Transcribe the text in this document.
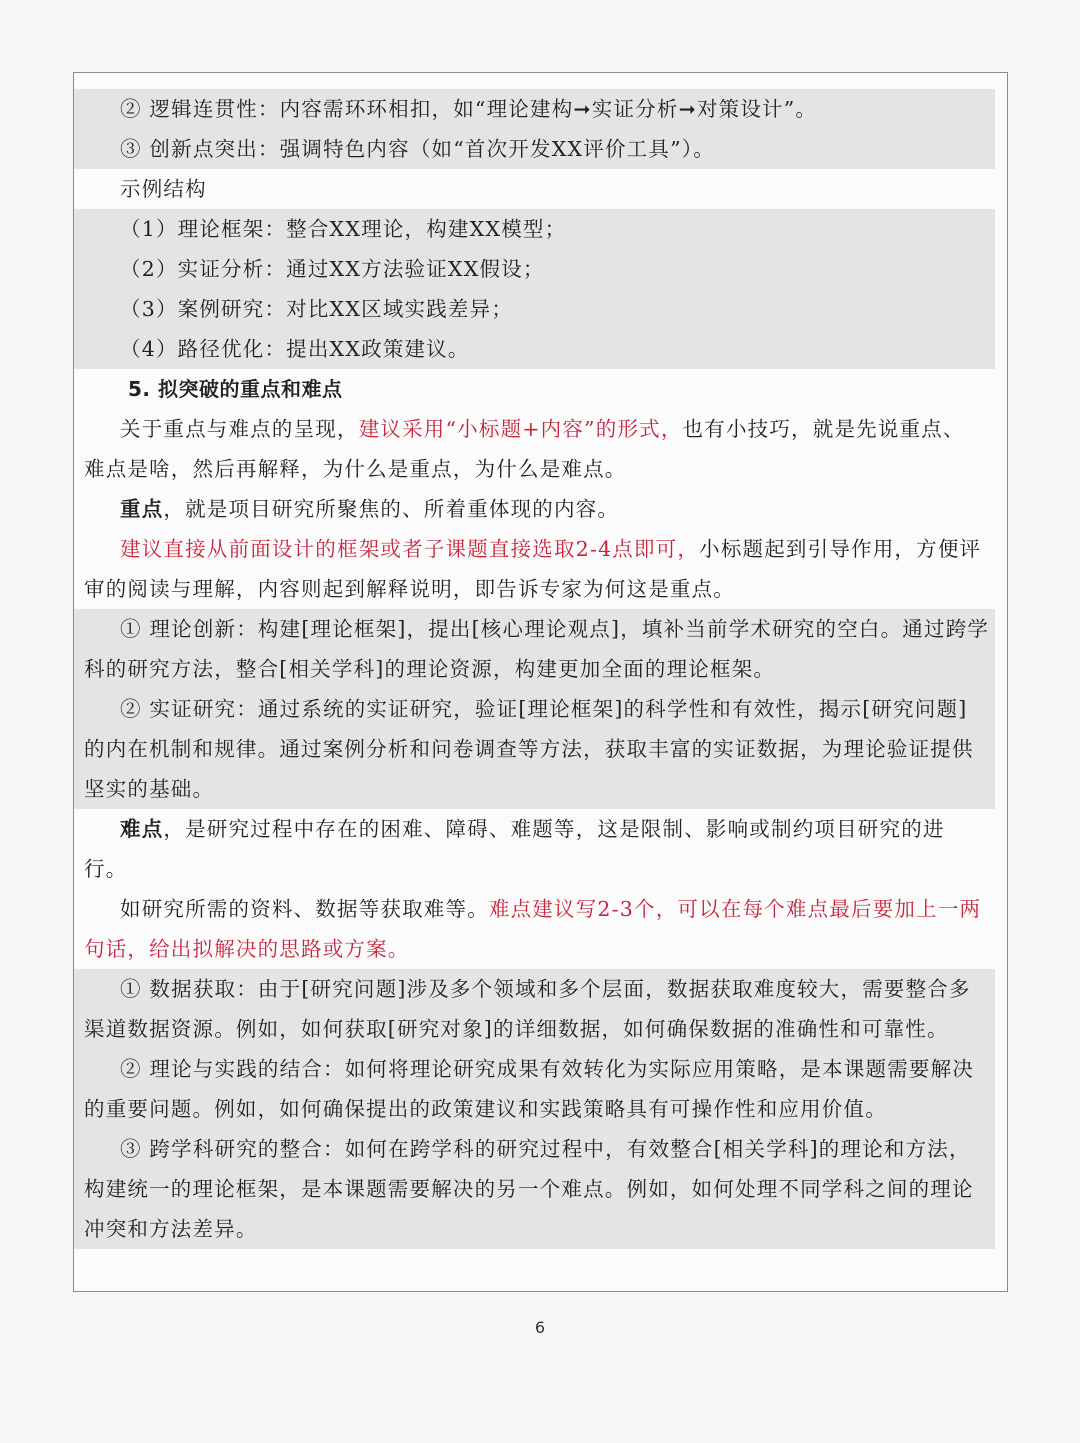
② 逻辑连贯性：内容需环环相扣，如“理论建构➞实证分析➞对策设计”。
③ 创新点突出：强调特色内容（如“首次开发XX评价工具”）。
示例结构
（1）理论框架：整合XX理论，构建XX模型；
（2）实证分析：通过XX方法验证XX假设；
（3）案例研究：对比XX区域实践差异；
（4）路径优化：提出XX政策建议。
5. 拟突破的重点和难点
关于重点与难点的呈现，建议采用“小标题+内容”的形式，也有小技巧，就是先说重点、
难点是啥，然后再解释，为什么是重点，为什么是难点。
重点，就是项目研究所聚焦的、所着重体现的内容。
建议直接从前面设计的框架或者子课题直接选取2-4点即可，小标题起到引导作用，方便评
审的阅读与理解，内容则起到解释说明，即告诉专家为何这是重点。
① 理论创新：构建[理论框架]，提出[核心理论观点]，填补当前学术研究的空白。通过跨学
科的研究方法，整合[相关学科]的理论资源，构建更加全面的理论框架。
② 实证研究：通过系统的实证研究，验证[理论框架]的科学性和有效性，揭示[研究问题]
的内在机制和规律。通过案例分析和问卷调查等方法，获取丰富的实证数据，为理论验证提供
坚实的基础。
难点，是研究过程中存在的困难、障碍、难题等，这是限制、影响或制约项目研究的进
行。
如研究所需的资料、数据等获取难等。难点建议写2-3个，可以在每个难点最后要加上一两
句话，给出拟解决的思路或方案。
① 数据获取：由于[研究问题]涉及多个领域和多个层面，数据获取难度较大，需要整合多
渠道数据资源。例如，如何获取[研究对象]的详细数据，如何确保数据的准确性和可靠性。
② 理论与实践的结合：如何将理论研究成果有效转化为实际应用策略，是本课题需要解决
的重要问题。例如，如何确保提出的政策建议和实践策略具有可操作性和应用价值。
③ 跨学科研究的整合：如何在跨学科的研究过程中，有效整合[相关学科]的理论和方法，
构建统一的理论框架，是本课题需要解决的另一个难点。例如，如何处理不同学科之间的理论
冲突和方法差异。
6
